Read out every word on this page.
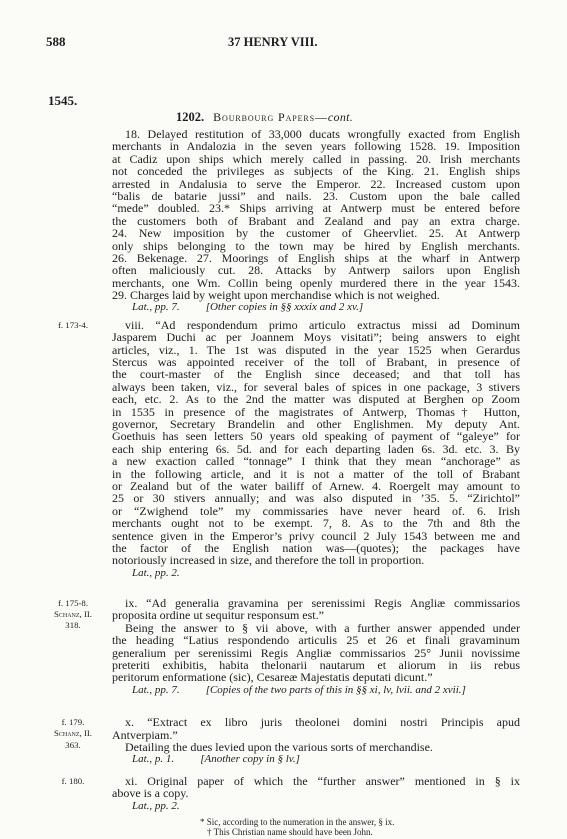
588	37 HENRY VIII.
1545.
1202. Bourbourg Papers—cont.
18. Delayed restitution of 33,000 ducats wrongfully exacted from English
merchants in Andalozia in the seven years following 1528. 19. Imposition
at Cadiz upon ships which merely called in passing. 20. Irish merchants
not conceded the privileges as subjects of the King. 21. English ships
arrested in Andalusia to serve the Emperor. 22. Increased custom upon
“balis de batarie jussi” and nails. 23. Custom upon the bale called
“mede” doubled. 23.* Ships arriving at Antwerp must be entered before
the customers both of Brabant and Zealand and pay an extra charge.
24. New imposition by the customer of Gheervliet. 25. At Antwerp
only ships belonging to the town may be hired by English merchants.
26. Bekenage. 27. Moorings of English ships at the wharf in Antwerp
often maliciously cut. 28. Attacks by Antwerp sailors upon English
merchants, one Wm. Collin being openly murdered there in the year 1543.
29. Charges laid by weight upon merchandise which is not weighed.
Lat., pp. 7. [Other copies in §§ xxxix and 2 xv.]
f. 173-4.	viii. “Ad respondendum primo articulo extractus missi ad Dominum
Jasparem Duchi ac per Joannem Moys visitati”; being answers to eight
articles, viz., 1. The 1st was disputed in the year 1525 when Gerardus
Stercus was appointed receiver of the toll of Brabant, in presence of
the court-master of the English since deceased; and that toll has
always been taken, viz., for several bales of spices in one package, 3 stivers
each, etc. 2. As to the 2nd the matter was disputed at Berghen op Zoom
in 1535 in presence of the magistrates of Antwerp, Thomas† Hutton,
governor, Secretary Brandelin and other Englishmen. My deputy Ant.
Goethuis has seen letters 50 years old speaking of payment of “galeye” for
each ship entering 6s. 5d. and for each departing laden 6s. 3d. etc. 3. By
a new exaction called “tonnage” I think that they mean “anchorage” as
in the following article, and it is not a matter of the toll of Brabant
or Zealand but of the water bailiff of Arnew. 4. Roergelt may amount to
25 or 30 stivers annually; and was also disputed in ’35. 5. “Zirichtol”
or “Zwighend tole” my commissaries have never heard of. 6. Irish
merchants ought not to be exempt. 7, 8. As to the 7th and 8th the
sentence given in the Emperor’s privy council 2 July 1543 between me and
the factor of the English nation was—(quotes); the packages have
notoriously increased in size, and therefore the toll in proportion.
Lat., pp. 2.
f. 175-8.
Schanz, II.
318.
ix. “Ad generalia gravamina per serenissimi Regis Angliæ commissarios
proposita ordine ut sequitur responsum est.”
Being the answer to § vii above, with a further answer appended under
the heading “Latius respondendo articulis 25 et 26 et finali gravaminum
generalium per serenissimi Regis Angliæ commissarios 25° Junii novissime
preteriti exhibitis, habita thelonarii nautarum et aliorum in iis rebus
peritorum enformatione (sic), Cesareæ Majestatis deputati dicunt.”
Lat., pp. 7. [Copies of the two parts of this in §§ xi, lv, lvii. and 2 xvii.]
f. 179.
Schanz, II.
363.
x. “Extract ex libro juris theolonei domini nostri Principis apud
Antverpiam.”
Detailing the dues levied upon the various sorts of merchandise.
Lat., p. 1. [Another copy in § lv.]
f. 180.	xi. Original paper of which the “further answer” mentioned in § ix
above is a copy.
Lat., pp. 2.
* Sic, according to the numeration in the answer, § ix.
† This Christian name should have been John.
